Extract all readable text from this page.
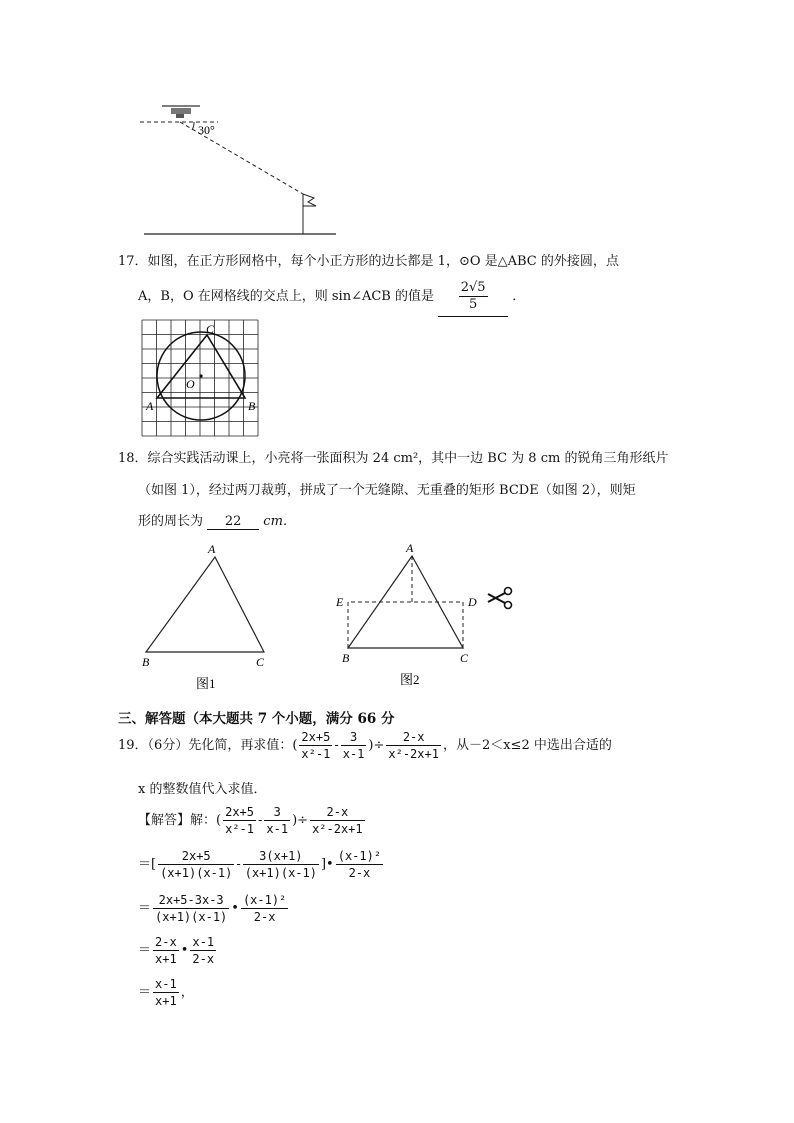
30°
17．如图，在正方形网格中，每个小正方形的边长都是 1，⊙O 是△ABC 的外接圆，点
A，B，O 在网格线的交点上，则 sin∠ACB 的值是 $\frac{2√5}{5}$ ．
C
O
A	B
18．综合实践活动课上，小亮将一张面积为 24 cm²，其中一边 BC 为 8 cm 的锐角三角形纸片
（如图 1），经过两刀裁剪，拼成了一个无缝隙、无重叠的矩形 BCDE（如图 2），则矩
形的周长为 22 cm．
A
B	C
图1
A
E	D
B	C
图2
三、解答题（本大题共 7 个小题，满分 66 分
19．（6分）先化简，再求值：( $\frac{2x+5}{\text{x²-1}} - \frac{3}{x-1}$ )÷ $\frac{2-x}{\text{x²-2x+1}}$ ，从－2＜x≤2 中选出合适的
x 的整数值代入求值．
【解答】解：( $\frac{2x+5}{\text{x²-1}} - \frac{3}{x-1}$ )÷ $\frac{2-x}{\text{x²-2x+1}}$
＝[ $\frac{2x+5}{(x+1)(x-1)} - \frac{3(x+1)}{(x+1)(x-1)}$ ]• $\frac{\text{(x-1)²}}{2-x}$
＝ $\frac{2x+5-3x-3}{(x+1)(x-1)}$ • $\frac{\text{(x-1)²}}{2-x}$
＝ $\frac{2-x}{x+1}$ • $\frac{x-1}{2-x}$
＝ $\frac{x-1}{x+1}$ ，
